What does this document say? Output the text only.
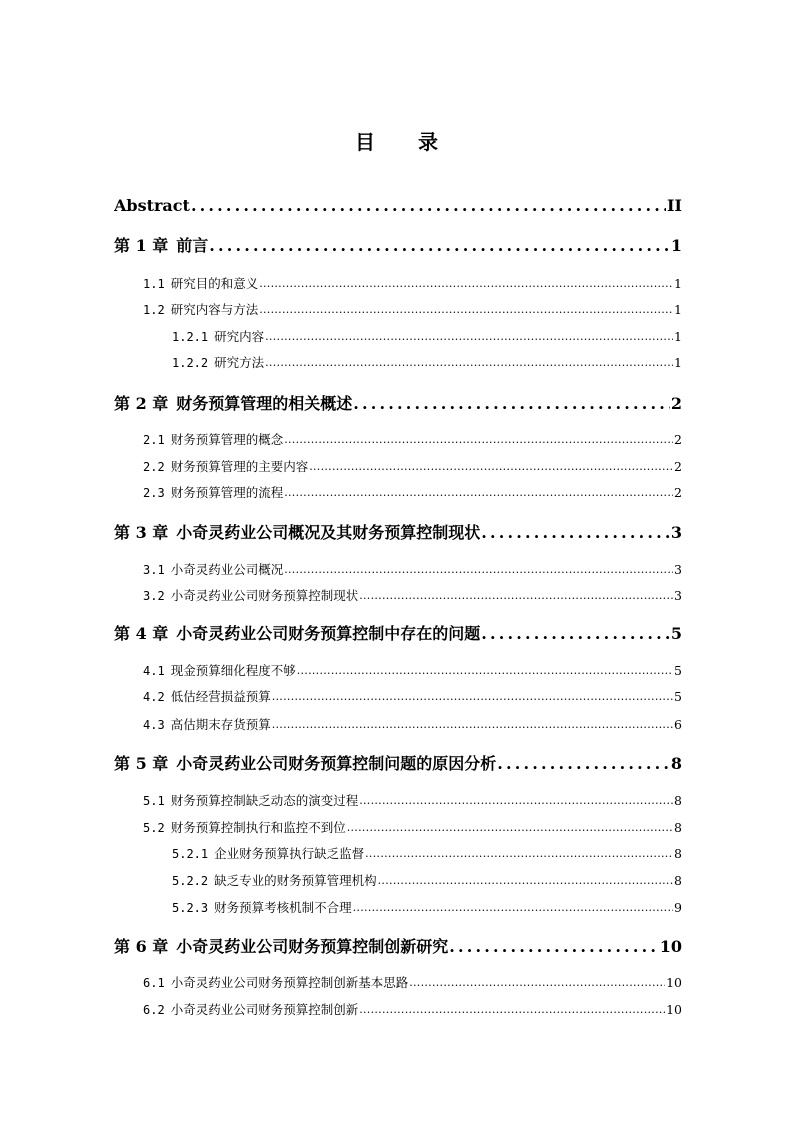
目 录
Abstract . . .	II
第 1 章 前言 . . .	1
1.1 研究目的和意义 . . .	1
1.2 研究内容与方法 . . .	1
1.2.1 研究内容 . . .	1
1.2.2 研究方法 . . .	1
第 2 章 财务预算管理的相关概述 . . .	2
2.1 财务预算管理的概念 . . .	2
2.2 财务预算管理的主要内容 . . .	2
2.3 财务预算管理的流程 . . .	2
第 3 章 小奇灵药业公司概况及其财务预算控制现状 . . .	3
3.1 小奇灵药业公司概况 . . .	3
3.2 小奇灵药业公司财务预算控制现状 . . .	3
第 4 章 小奇灵药业公司财务预算控制中存在的问题 . . .	5
4.1 现金预算细化程度不够 . . .	5
4.2 低估经营损益预算 . . .	5
4.3 高估期末存货预算 . . .	6
第 5 章 小奇灵药业公司财务预算控制问题的原因分析 . . .	8
5.1 财务预算控制缺乏动态的演变过程 . . .	8
5.2 财务预算控制执行和监控不到位 . . .	8
5.2.1 企业财务预算执行缺乏监督 . . .	8
5.2.2 缺乏专业的财务预算管理机构 . . .	8
5.2.3 财务预算考核机制不合理 . . .	9
第 6 章 小奇灵药业公司财务预算控制创新研究 . . .	10
6.1 小奇灵药业公司财务预算控制创新基本思路 . . .	10
6.2 小奇灵药业公司财务预算控制创新 . . .	10
